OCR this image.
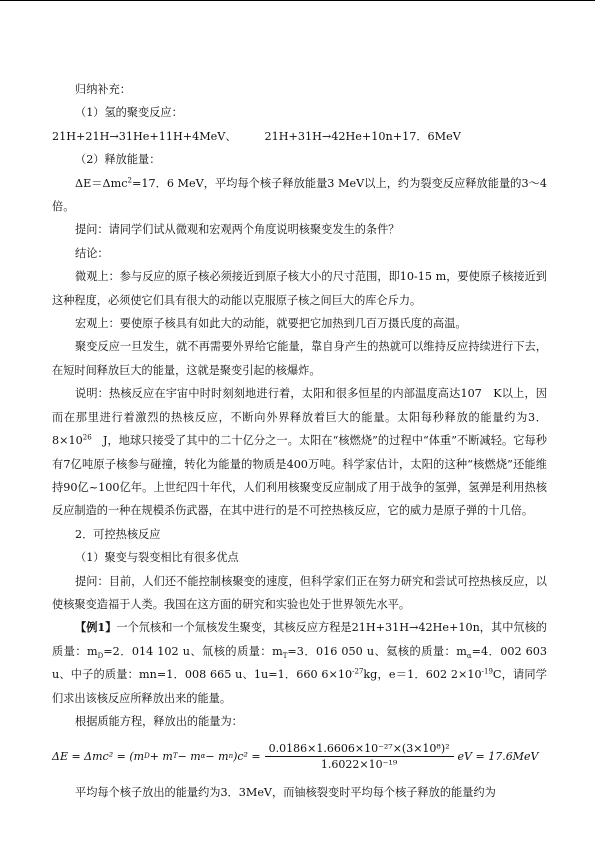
归纳补充：

（1）氢的聚变反应：

21H+21H→31He+11H+4MeV、	21H+31H→42He+10n+17．6MeV

（2）释放能量：

ΔE＝Δmc$^2$=17．6 MeV，平均每个核子释放能量3 MeV以上，约为裂变反应释放能量的3～4倍。

提问：请同学们试从微观和宏观两个角度说明核聚变发生的条件？

结论：

微观上：参与反应的原子核必须接近到原子核大小的尺寸范围，即10-15 m，要使原子核接近到这种程度，必须使它们具有很大的动能以克服原子核之间巨大的库仑斥力。

宏观上：要使原子核具有如此大的动能，就要把它加热到几百万摄氏度的高温。

聚变反应一旦发生，就不再需要外界给它能量，靠自身产生的热就可以维持反应持续进行下去，在短时间释放巨大的能量，这就是聚变引起的核爆炸。

说明：热核反应在宇宙中时时刻刻地进行着，太阳和很多恒星的内部温度高达107　K以上，因而在那里进行着激烈的热核反应，不断向外界释放着巨大的能量。太阳每秒释放的能量约为3．$8\times 10^{26}$　J，地球只接受了其中的二十亿分之一。太阳在“核燃烧”的过程中“体重”不断减轻。它每秒有7亿吨原子核参与碰撞，转化为能量的物质是400万吨。科学家估计，太阳的这种“核燃烧”还能维持90亿~100亿年。上世纪四十年代，人们利用核聚变反应制成了用于战争的氢弹，氢弹是利用热核反应制造的一种在规模杀伤武器，在其中进行的是不可控热核反应，它的威力是原子弹的十几倍。

2．可控热核反应

（1）聚变与裂变相比有很多优点

提问：目前，人们还不能控制核聚变的速度，但科学家们正在努力研究和尝试可控热核反应，以使核聚变造福于人类。我国在这方面的研究和实验也处于世界领先水平。

【例1】一个氘核和一个氚核发生聚变，其核反应方程是21H+31H→42He+10n，其中氘核的质量：$m_D=2$．014 102 u、氚核的质量：$m_T=3$．016 050 u、氦核的质量：$m_\alpha=4$．002 603 u、中子的质量：mn=1．008 665 u、1u=1．660 $6\times 10^{-27}kg$，e＝1．602 $2\times 10^{-19}C$，请同学们求出该核反应所释放出来的能量。

根据质能方程，释放出的能量为：

ΔE = Δmc² = (m D + m T − m α − m n )$c^2 = \frac{\text{0.0186×1.6606×10⁻²⁷×(3×10⁸)²}}{\text{1.6022×10⁻¹⁹}}$ eV = 17.6MeV

平均每个核子放出的能量约为3．3MeV，而铀核裂变时平均每个核子释放的能量约为
